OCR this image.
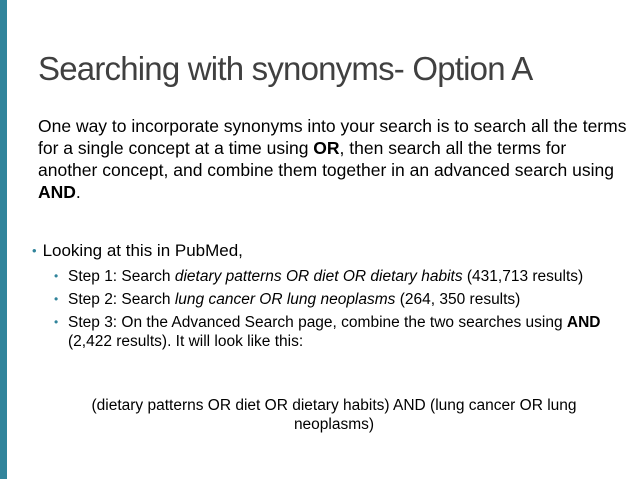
Searching with synonyms- Option A

One way to incorporate synonyms into your search is to search all the terms for a single concept at a time using OR, then search all the terms for another concept, and combine them together in an advanced search using AND.

• Looking at this in PubMed,
• Step 1: Search dietary patterns OR diet OR dietary habits (431,713 results)
• Step 2: Search lung cancer OR lung neoplasms (264, 350 results)
• Step 3: On the Advanced Search page, combine the two searches using AND (2,422 results). It will look like this:

(dietary patterns OR diet OR dietary habits) AND (lung cancer OR lung neoplasms)
